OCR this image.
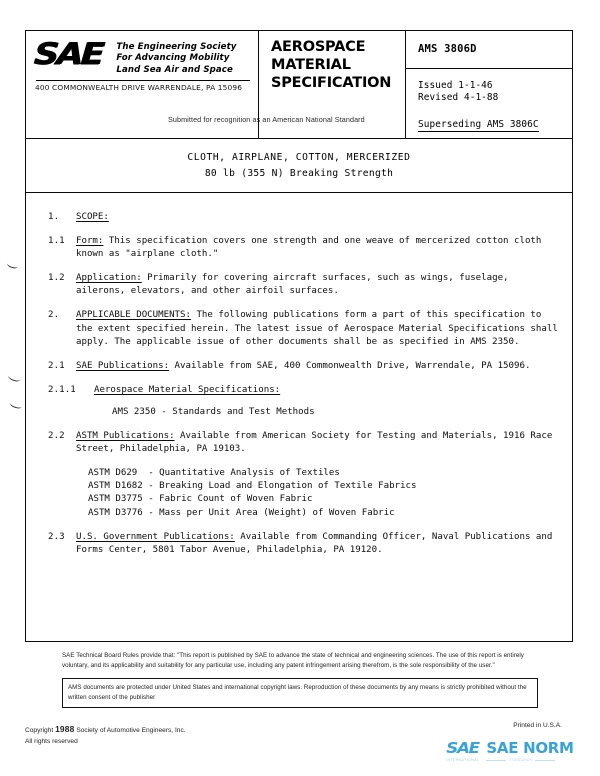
SAE The Engineering Society
For Advancing Mobility
Land Sea Air and Space
400 COMMONWEALTH DRIVE WARRENDALE, PA 15096
Submitted for recognition as an American National Standard
AEROSPACE MATERIAL SPECIFICATION
AMS 3806D
Issued 1-1-46
Revised 4-1-88
Superseding AMS 3806C
CLOTH, AIRPLANE, COTTON, MERCERIZED
80 lb (355 N) Breaking Strength
1.	SCOPE:

1.1	Form: This specification covers one strength and one weave of mercerized cotton cloth known as "airplane cloth."

1.2	Application: Primarily for covering aircraft surfaces, such as wings, fuselage, ailerons, elevators, and other airfoil surfaces.

2.	APPLICABLE DOCUMENTS: The following publications form a part of this specification to the extent specified herein. The latest issue of Aerospace Material Specifications shall apply. The applicable issue of other documents shall be as specified in AMS 2350.

2.1	SAE Publications: Available from SAE, 400 Commonwealth Drive, Warrendale, PA 15096.

2.1.1	Aerospace Material Specifications:

AMS 2350 - Standards and Test Methods
2.2	ASTM Publications: Available from American Society for Testing and Materials, 1916 Race Street, Philadelphia, PA 19103.

ASTM D629  - Quantitative Analysis of Textiles
ASTM D1682 - Breaking Load and Elongation of Textile Fabrics
ASTM D3775 - Fabric Count of Woven Fabric
ASTM D3776 - Mass per Unit Area (Weight) of Woven Fabric
2.3	U.S. Government Publications: Available from Commanding Officer, Naval Publications and Forms Center, 5801 Tabor Avenue, Philadelphia, PA 19120.

SAE Technical Board Rules provide that: "This report is published by SAE to advance the state of technical and engineering sciences. The use of this report is entirely voluntary, and its applicability and suitability for any particular use, including any patent infringement arising therefrom, is the sole responsibility of the user."
AMS documents are protected under United States and international copyright laws. Reproduction of these documents by any means is strictly prohibited without the written consent of the publisher
Copyright 1988 Society of Automotive Engineers, Inc.
All rights reserved
Printed in U.S.A.
SAE
INTERNATIONAL
SAE NORM
STANDARDS
